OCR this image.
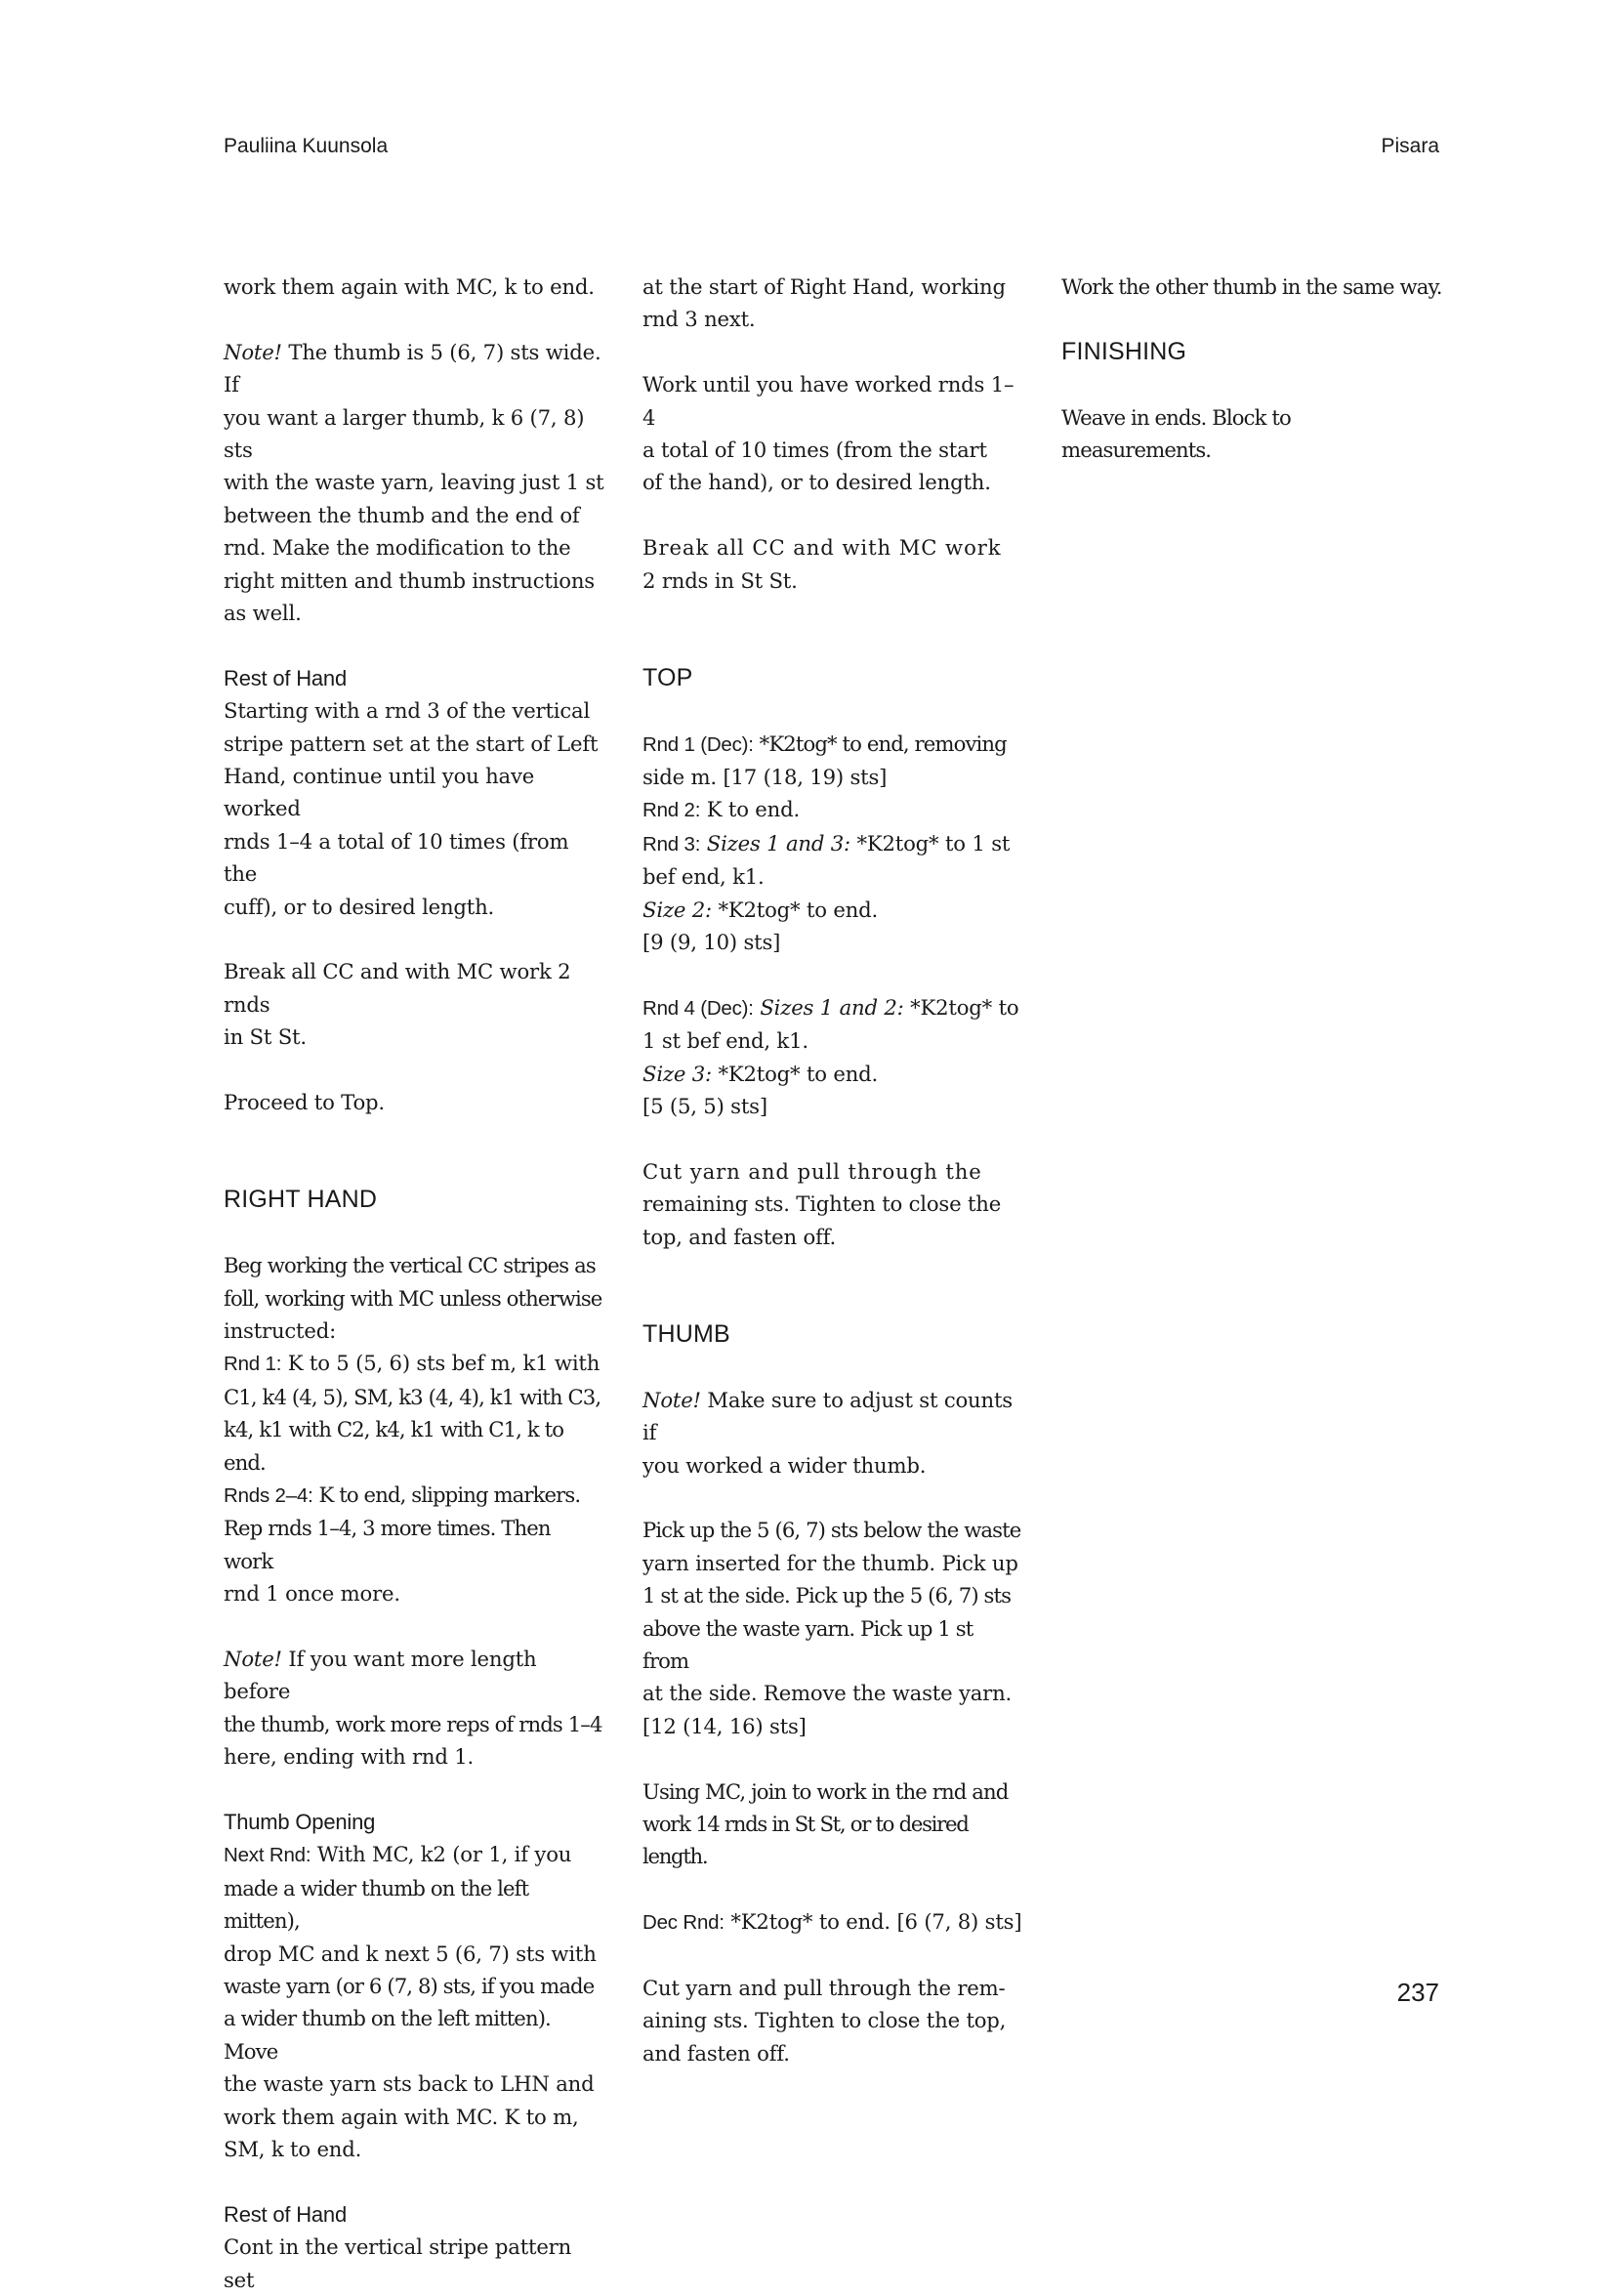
Pauliina Kuunsola	Pisara

work them again with MC, k to end.

Note! The thumb is 5 (6, 7) sts wide. If
you want a larger thumb, k 6 (7, 8) sts
with the waste yarn, leaving just 1 st
between the thumb and the end of
rnd. Make the modification to the
right mitten and thumb instructions
as well.

Rest of Hand

Starting with a rnd 3 of the vertical
stripe pattern set at the start of Left
Hand, continue until you have worked
rnds 1–4 a total of 10 times (from the
cuff), or to desired length.

Break all CC and with MC work 2 rnds
in St St.

Proceed to Top.

RIGHT HAND

Beg working the vertical CC stripes as
foll, working with MC unless otherwise
instructed:
Rnd 1: K to 5 (5, 6) sts bef m, k1 with
C1, k4 (4, 5), SM, k3 (4, 4), k1 with C3,
k4, k1 with C2, k4, k1 with C1, k to end.
Rnds 2–4: K to end, slipping markers.
Rep rnds 1–4, 3 more times. Then work
rnd 1 once more.

Note! If you want more length before
the thumb, work more reps of rnds 1–4
here, ending with rnd 1.

Thumb Opening

Next Rnd: With MC, k2 (or 1, if you
made a wider thumb on the left mitten),
drop MC and k next 5 (6, 7) sts with
waste yarn (or 6 (7, 8) sts, if you made
a wider thumb on the left mitten). Move
the waste yarn sts back to LHN and
work them again with MC. K to m,
SM, k to end.

Rest of Hand

Cont in the vertical stripe pattern set

at the start of Right Hand, working
rnd 3 next.

Work until you have worked rnds 1–4
a total of 10 times (from the start
of the hand), or to desired length.

Break all CC and with MC work
2 rnds in St St.

TOP

Rnd 1 (Dec): *K2tog* to end, removing
side m. [17 (18, 19) sts]
Rnd 2: K to end.
Rnd 3: Sizes 1 and 3: *K2tog* to 1 st
bef end, k1.
Size 2: *K2tog* to end.
[9 (9, 10) sts]

Rnd 4 (Dec): Sizes 1 and 2: *K2tog* to
1 st bef end, k1.
Size 3: *K2tog* to end.
[5 (5, 5) sts]

Cut yarn and pull through the
remaining sts. Tighten to close the
top, and fasten off.

THUMB

Note! Make sure to adjust st counts if
you worked a wider thumb.

Pick up the 5 (6, 7) sts below the waste
yarn inserted for the thumb. Pick up
1 st at the side. Pick up the 5 (6, 7) sts
above the waste yarn. Pick up 1 st from
at the side. Remove the waste yarn.
[12 (14, 16) sts]

Using MC, join to work in the rnd and
work 14 rnds in St St, or to desired length.

Dec Rnd: *K2tog* to end. [6 (7, 8) sts]

Cut yarn and pull through the rem-
aining sts. Tighten to close the top,
and fasten off.

Work the other thumb in the same way.

FINISHING

Weave in ends. Block to measurements.

237
